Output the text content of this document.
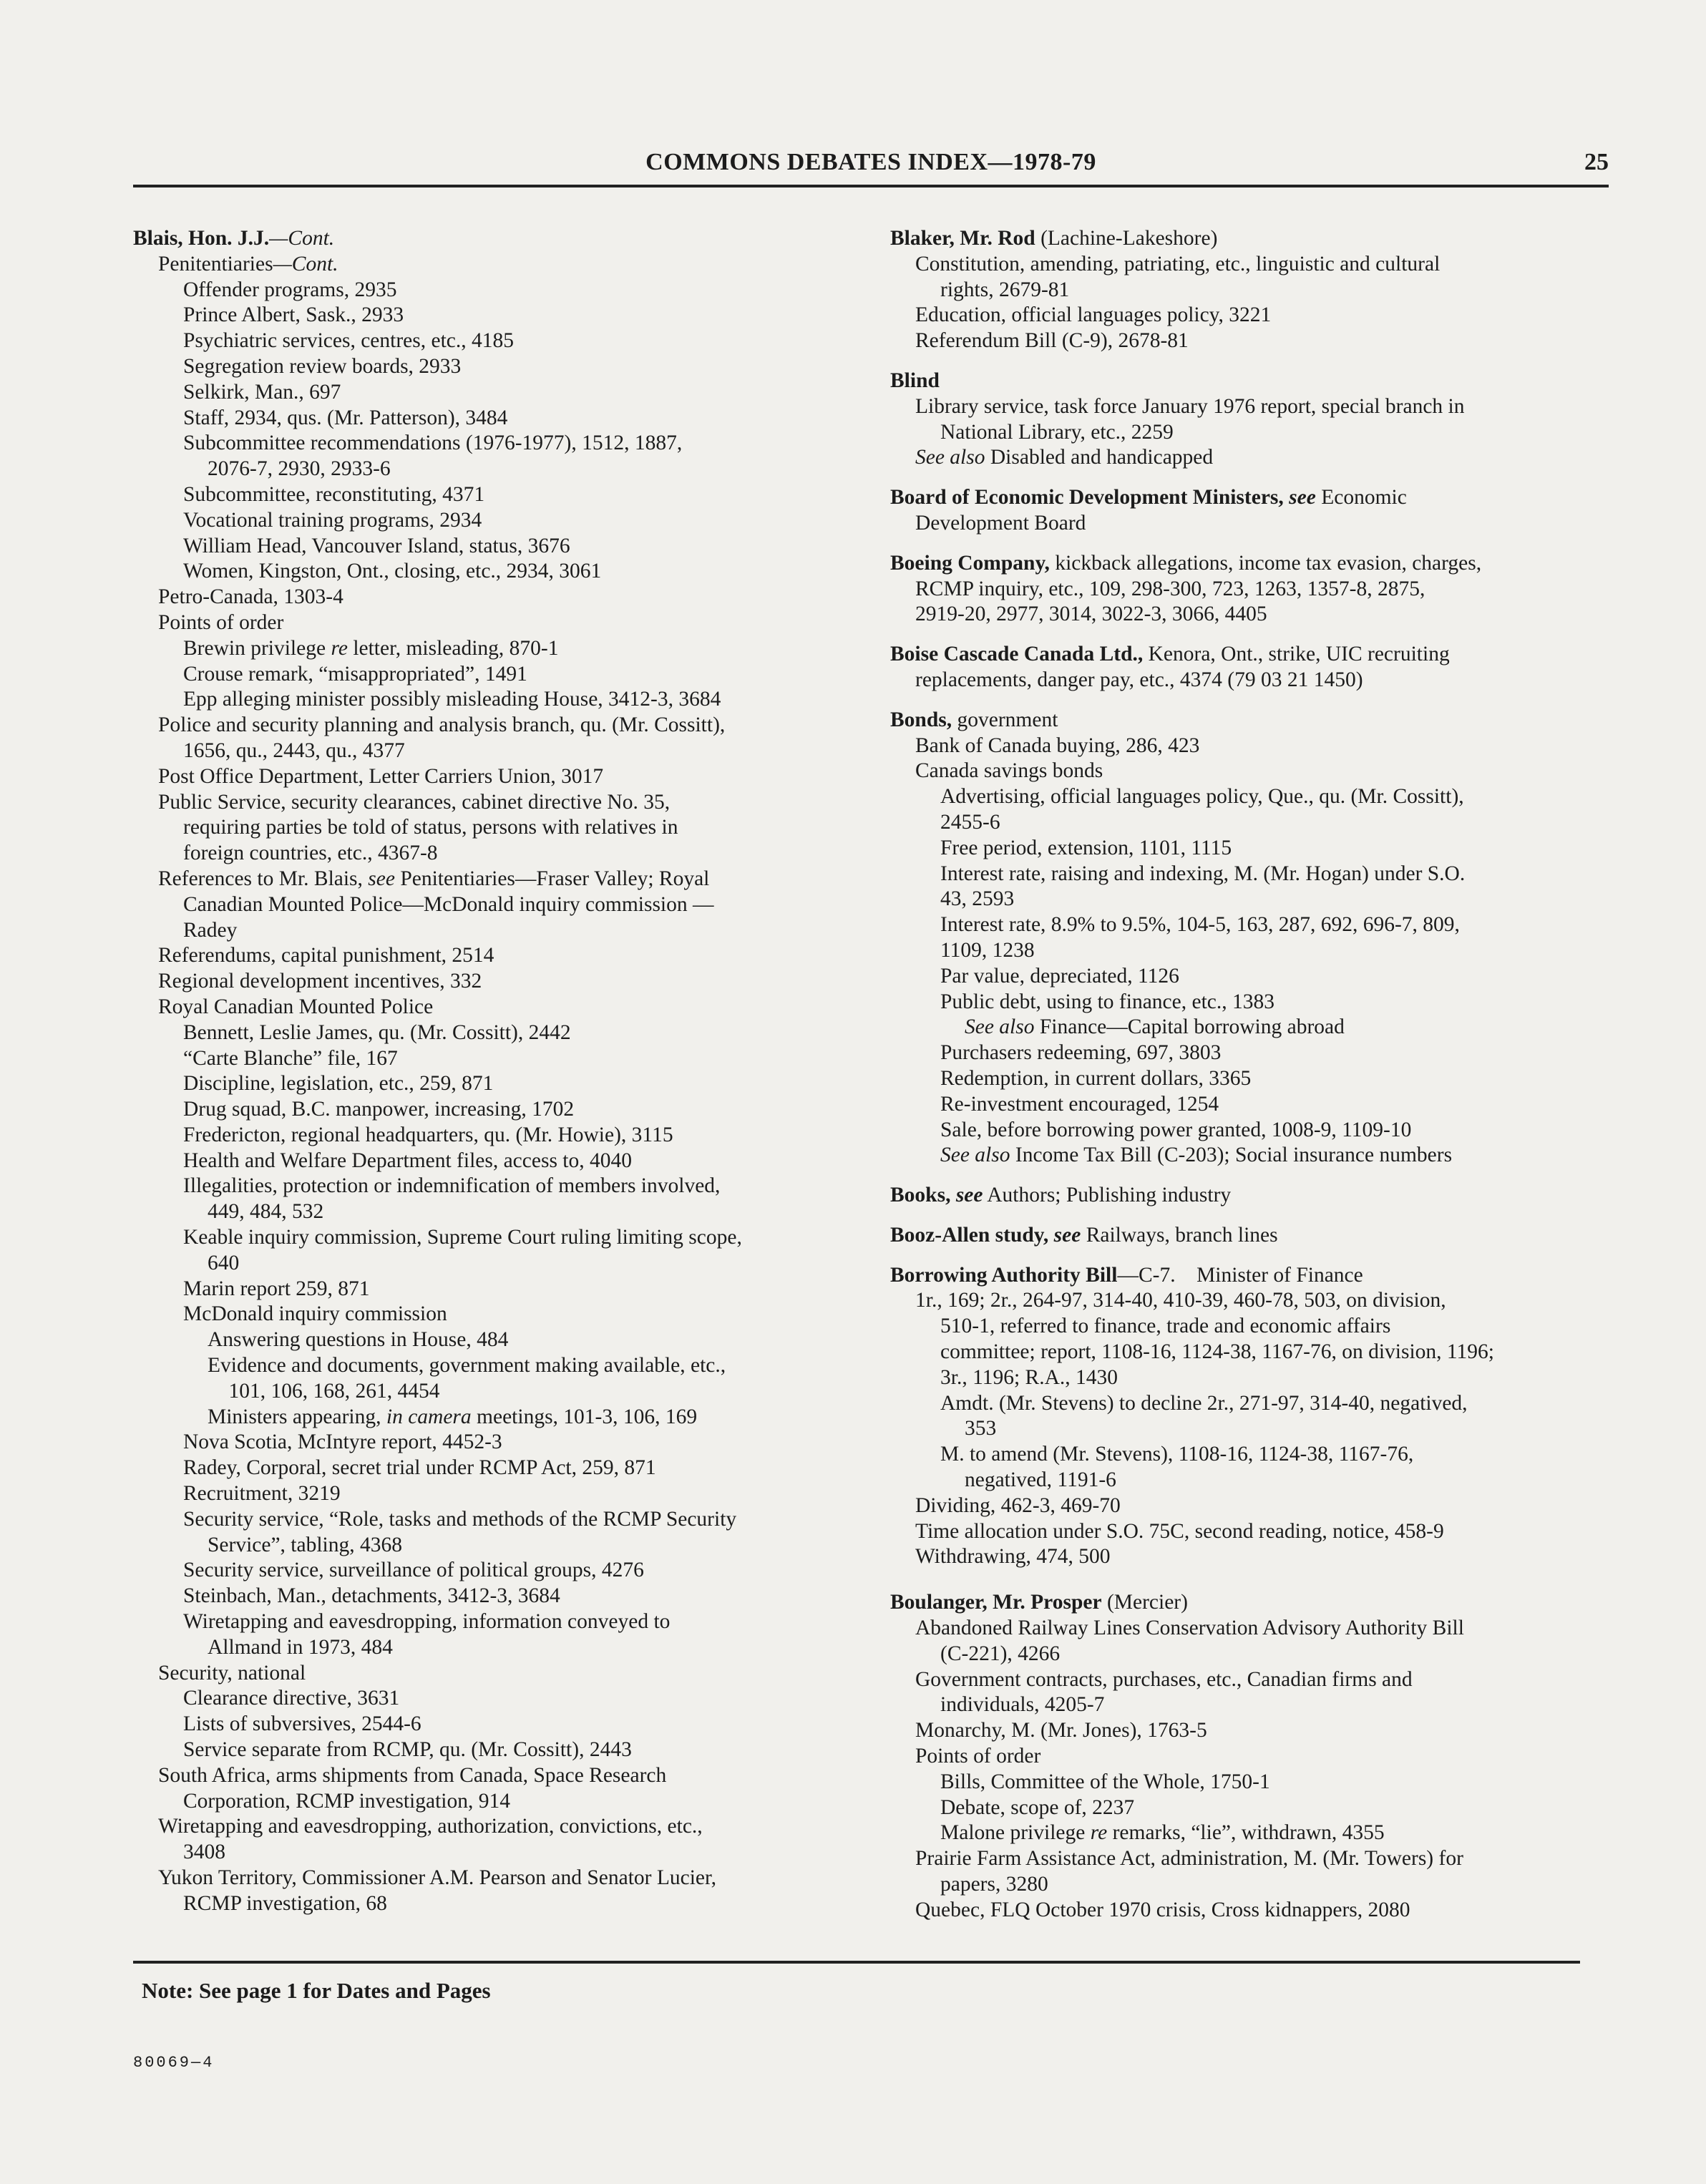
COMMONS DEBATES INDEX—1978-79	25
Blais, Hon. J.J.—Cont.
Penitentiaries—Cont.
Offender programs, 2935
Prince Albert, Sask., 2933
Psychiatric services, centres, etc., 4185
Segregation review boards, 2933
Selkirk, Man., 697
Staff, 2934, qus. (Mr. Patterson), 3484
Subcommittee recommendations (1976-1977), 1512, 1887,
2076-7, 2930, 2933-6
Subcommittee, reconstituting, 4371
Vocational training programs, 2934
William Head, Vancouver Island, status, 3676
Women, Kingston, Ont., closing, etc., 2934, 3061
Petro-Canada, 1303-4
Points of order
Brewin privilege re letter, misleading, 870-1
Crouse remark, “misappropriated”, 1491
Epp alleging minister possibly misleading House, 3412-3, 3684
Police and security planning and analysis branch, qu. (Mr. Cossitt),
1656, qu., 2443, qu., 4377
Post Office Department, Letter Carriers Union, 3017
Public Service, security clearances, cabinet directive No. 35,
requiring parties be told of status, persons with relatives in
foreign countries, etc., 4367-8
References to Mr. Blais, see Penitentiaries—Fraser Valley; Royal
Canadian Mounted Police—McDonald inquiry commission —
Radey
Referendums, capital punishment, 2514
Regional development incentives, 332
Royal Canadian Mounted Police
Bennett, Leslie James, qu. (Mr. Cossitt), 2442
“Carte Blanche” file, 167
Discipline, legislation, etc., 259, 871
Drug squad, B.C. manpower, increasing, 1702
Fredericton, regional headquarters, qu. (Mr. Howie), 3115
Health and Welfare Department files, access to, 4040
Illegalities, protection or indemnification of members involved,
449, 484, 532
Keable inquiry commission, Supreme Court ruling limiting scope,
640
Marin report 259, 871
McDonald inquiry commission
Answering questions in House, 484
Evidence and documents, government making available, etc.,
 101, 106, 168, 261, 4454
Ministers appearing, in camera meetings, 101-3, 106, 169
Nova Scotia, McIntyre report, 4452-3
Radey, Corporal, secret trial under RCMP Act, 259, 871
Recruitment, 3219
Security service, “Role, tasks and methods of the RCMP Security
Service”, tabling, 4368
Security service, surveillance of political groups, 4276
Steinbach, Man., detachments, 3412-3, 3684
Wiretapping and eavesdropping, information conveyed to
Allmand in 1973, 484
Security, national
Clearance directive, 3631
Lists of subversives, 2544-6
Service separate from RCMP, qu. (Mr. Cossitt), 2443
South Africa, arms shipments from Canada, Space Research
Corporation, RCMP investigation, 914
Wiretapping and eavesdropping, authorization, convictions, etc.,
3408
Yukon Territory, Commissioner A.M. Pearson and Senator Lucier,
RCMP investigation, 68
Blaker, Mr. Rod (Lachine-Lakeshore)
Constitution, amending, patriating, etc., linguistic and cultural
rights, 2679-81
Education, official languages policy, 3221
Referendum Bill (C-9), 2678-81
Blind
Library service, task force January 1976 report, special branch in
National Library, etc., 2259
See also Disabled and handicapped
Board of Economic Development Ministers, see Economic
Development Board
Boeing Company, kickback allegations, income tax evasion, charges,
RCMP inquiry, etc., 109, 298-300, 723, 1263, 1357-8, 2875,
2919-20, 2977, 3014, 3022-3, 3066, 4405
Boise Cascade Canada Ltd., Kenora, Ont., strike, UIC recruiting
replacements, danger pay, etc., 4374 (79 03 21 1450)
Bonds, government
Bank of Canada buying, 286, 423
Canada savings bonds
Advertising, official languages policy, Que., qu. (Mr. Cossitt),
2455-6
Free period, extension, 1101, 1115
Interest rate, raising and indexing, M. (Mr. Hogan) under S.O.
43, 2593
Interest rate, 8.9% to 9.5%, 104-5, 163, 287, 692, 696-7, 809,
1109, 1238
Par value, depreciated, 1126
Public debt, using to finance, etc., 1383
See also Finance—Capital borrowing abroad
Purchasers redeeming, 697, 3803
Redemption, in current dollars, 3365
Re-investment encouraged, 1254
Sale, before borrowing power granted, 1008-9, 1109-10
See also Income Tax Bill (C-203); Social insurance numbers
Books, see Authors; Publishing industry
Booz-Allen study, see Railways, branch lines
Borrowing Authority Bill—C-7. Minister of Finance
1r., 169; 2r., 264-97, 314-40, 410-39, 460-78, 503, on division,
510-1, referred to finance, trade and economic affairs
committee; report, 1108-16, 1124-38, 1167-76, on division, 1196;
3r., 1196; R.A., 1430
Amdt. (Mr. Stevens) to decline 2r., 271-97, 314-40, negatived,
353
M. to amend (Mr. Stevens), 1108-16, 1124-38, 1167-76,
negatived, 1191-6
Dividing, 462-3, 469-70
Time allocation under S.O. 75C, second reading, notice, 458-9
Withdrawing, 474, 500
Boulanger, Mr. Prosper (Mercier)
Abandoned Railway Lines Conservation Advisory Authority Bill
(C-221), 4266
Government contracts, purchases, etc., Canadian firms and
individuals, 4205-7
Monarchy, M. (Mr. Jones), 1763-5
Points of order
Bills, Committee of the Whole, 1750-1
Debate, scope of, 2237
Malone privilege re remarks, “lie”, withdrawn, 4355
Prairie Farm Assistance Act, administration, M. (Mr. Towers) for
papers, 3280
Quebec, FLQ October 1970 crisis, Cross kidnappers, 2080
Note: See page 1 for Dates and Pages
80069—4
